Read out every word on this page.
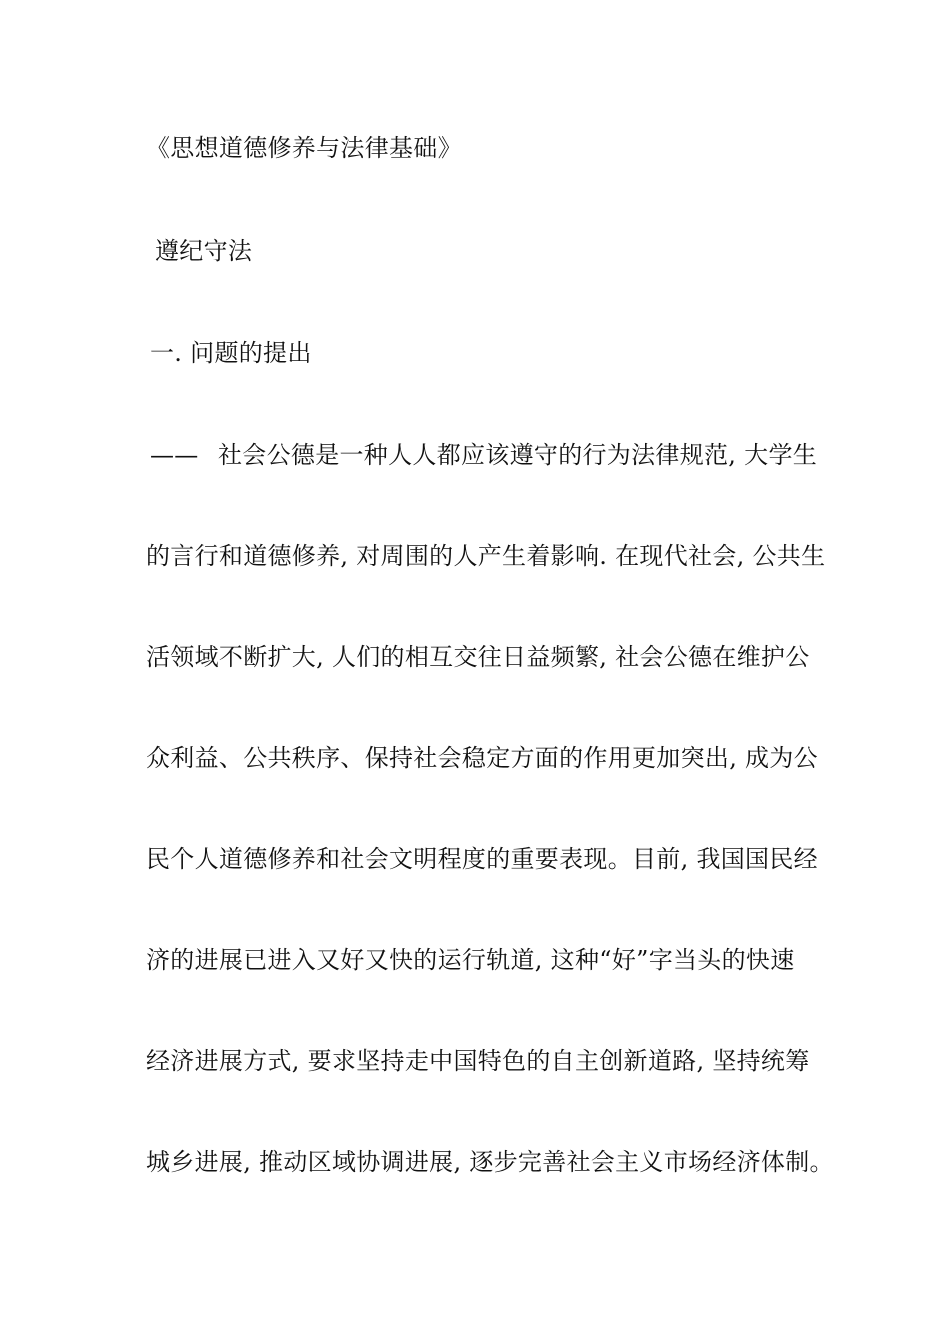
《思想道德修养与法律基础》
遵纪守法
一. 问题的提出
—— 社会公德是一种人人都应该遵守的行为法律规范, 大学生
的言行和道德修养, 对周围的人产生着影响. 在现代社会, 公共生
活领域不断扩大, 人们的相互交往日益频繁, 社会公德在维护公
众利益、公共秩序、保持社会稳定方面的作用更加突出, 成为公
民个人道德修养和社会文明程度的重要表现。目前, 我国国民经
济的进展已进入又好又快的运行轨道, 这种“好”字当头的快速
经济进展方式, 要求坚持走中国特色的自主创新道路, 坚持统筹
城乡进展, 推动区域协调进展, 逐步完善社会主义市场经济体制。
